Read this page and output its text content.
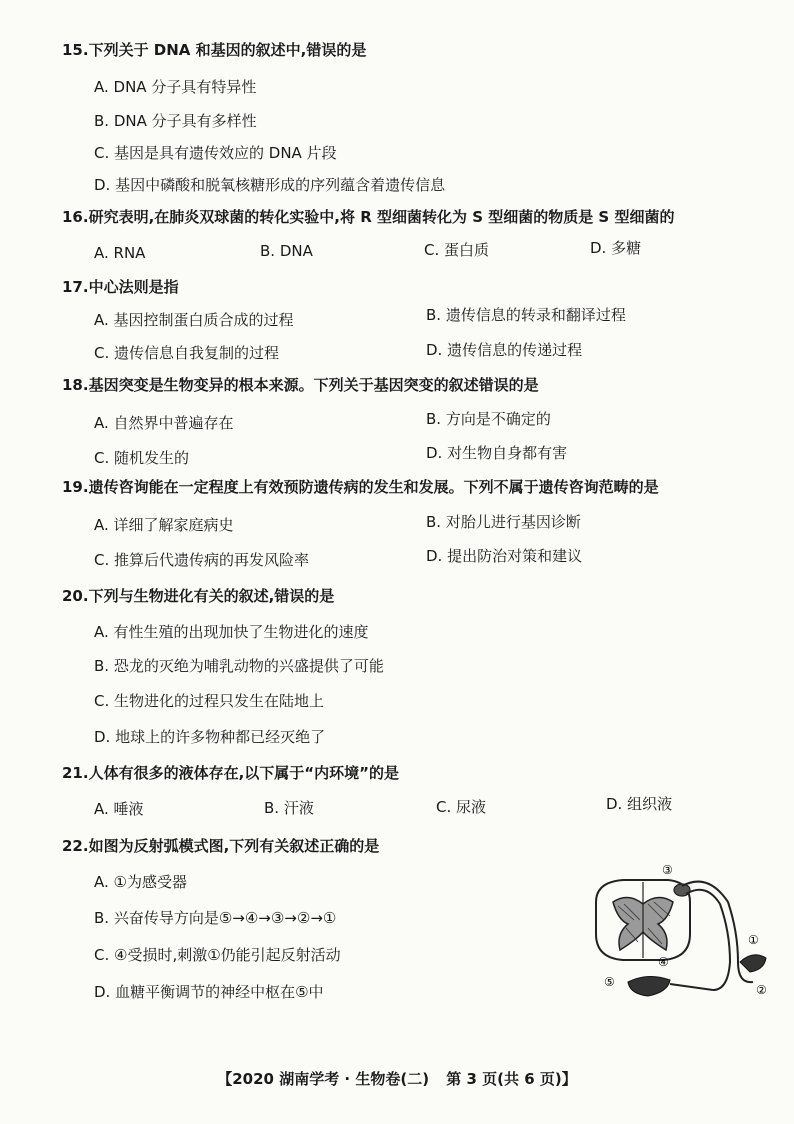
15.下列关于 DNA 和基因的叙述中,错误的是
A. DNA 分子具有特异性
B. DNA 分子具有多样性
C. 基因是具有遗传效应的 DNA 片段
D. 基因中磷酸和脱氧核糖形成的序列蕴含着遗传信息
16.研究表明,在肺炎双球菌的转化实验中,将 R 型细菌转化为 S 型细菌的物质是 S 型细菌的
A. RNA	B. DNA	C. 蛋白质	D. 多糖
17.中心法则是指
A. 基因控制蛋白质合成的过程	B. 遗传信息的转录和翻译过程
C. 遗传信息自我复制的过程	D. 遗传信息的传递过程
18.基因突变是生物变异的根本来源。下列关于基因突变的叙述错误的是
A. 自然界中普遍存在	B. 方向是不确定的
C. 随机发生的	D. 对生物自身都有害
19.遗传咨询能在一定程度上有效预防遗传病的发生和发展。下列不属于遗传咨询范畴的是
A. 详细了解家庭病史	B. 对胎儿进行基因诊断
C. 推算后代遗传病的再发风险率	D. 提出防治对策和建议
20.下列与生物进化有关的叙述,错误的是
A. 有性生殖的出现加快了生物进化的速度
B. 恐龙的灭绝为哺乳动物的兴盛提供了可能
C. 生物进化的过程只发生在陆地上
D. 地球上的许多物种都已经灭绝了
21.人体有很多的液体存在,以下属于“内环境”的是
A. 唾液	B. 汗液	C. 尿液	D. 组织液
22.如图为反射弧模式图,下列有关叙述正确的是
A. ①为感受器
B. 兴奋传导方向是⑤→④→③→②→①
C. ④受损时,刺激①仍能引起反射活动
D. 血糖平衡调节的神经中枢在⑤中
③
①
②
④
⑤
【2020 湖南学考 · 生物卷(二) 第 3 页(共 6 页)】
